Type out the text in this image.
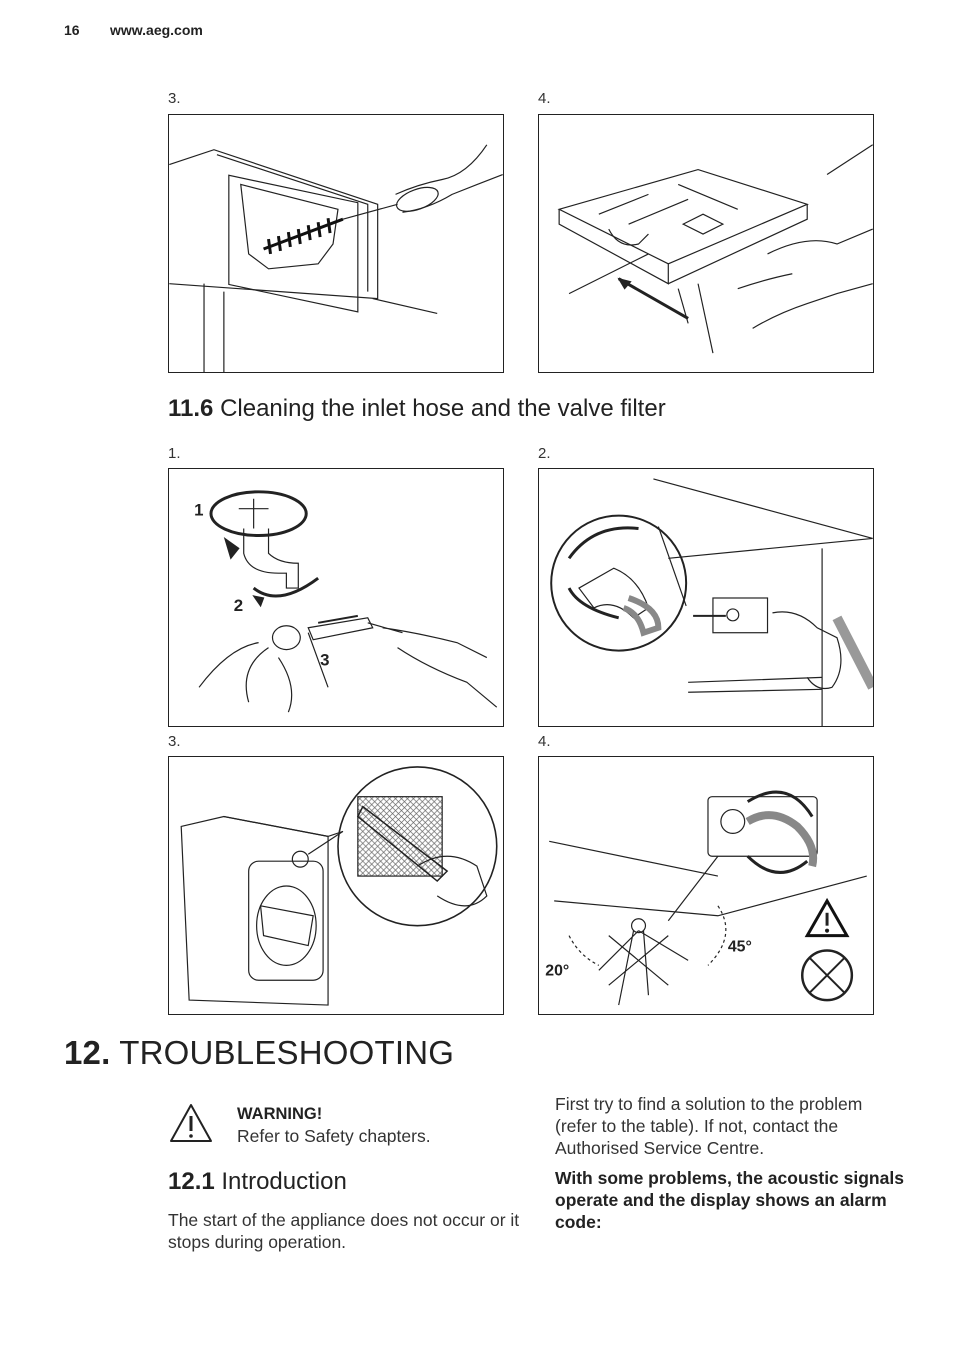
16 www.aeg.com
3.	4.
11.6 Cleaning the inlet hose and the valve filter
1.
1
2
3
2.
3.	4.
20°
45°
12. TROUBLESHOOTING
WARNING!
Refer to Safety chapters.
12.1 Introduction
The start of the appliance does not occur or it stops during operation.
First try to find a solution to the problem (refer to the table). If not, contact the Authorised Service Centre.
With some problems, the acoustic signals operate and the display shows an alarm code:
